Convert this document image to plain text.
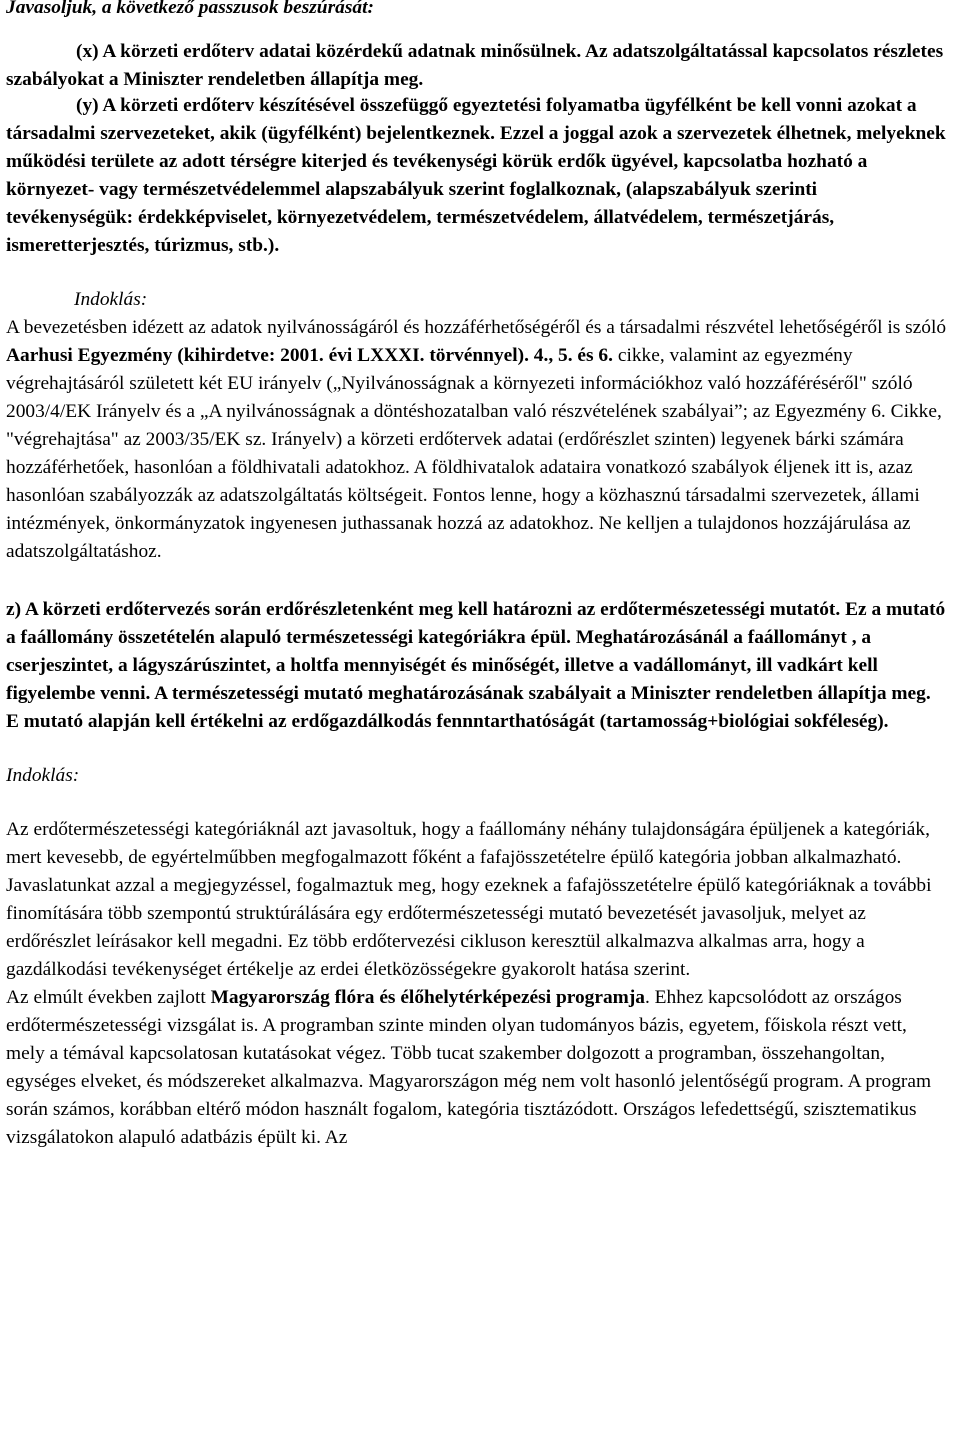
Javasoljuk, a következő passzusok beszúrását:

(x) A körzeti erdőterv adatai közérdekű adatnak minősülnek. Az adatszolgáltatással kapcsolatos részletes szabályokat a Miniszter rendeletben állapítja meg.

(y) A körzeti erdőterv készítésével összefüggő egyeztetési folyamatba ügyfélként be kell vonni azokat a társadalmi szervezeteket, akik (ügyfélként) bejelentkeznek. Ezzel a joggal azok a szervezetek élhetnek, melyeknek működési területe az adott térségre kiterjed és tevékenységi körük erdők ügyével, kapcsolatba hozható a környezet- vagy természetvédelemmel alapszabályuk szerint foglalkoznak, (alapszabályuk szerinti tevékenységük: érdekképviselet, környezetvédelem, természetvédelem, állatvédelem, természetjárás, ismeretterjesztés, túrizmus, stb.).

Indoklás:

A bevezetésben idézett az adatok nyilvánosságáról és hozzáférhetőségéről és a társadalmi részvétel lehetőségéről is szóló Aarhusi Egyezmény (kihirdetve: 2001. évi LXXXI. törvénnyel). 4., 5. és 6. cikke, valamint az egyezmény végrehajtásáról született két EU irányelv („Nyilvánosságnak a környezeti információkhoz való hozzáféréséről" szóló 2003/4/EK Irányelv és a „A nyilvánosságnak a döntéshozatalban való részvételének szabályai”; az Egyezmény 6. Cikke, "végrehajtása" az 2003/35/EK sz. Irányelv) a körzeti erdőtervek adatai (erdőrészlet szinten) legyenek bárki számára hozzáférhetőek, hasonlóan a földhivatali adatokhoz. A földhivatalok adataira vonatkozó szabályok éljenek itt is, azaz hasonlóan szabályozzák az adatszolgáltatás költségeit. Fontos lenne, hogy a közhasznú társadalmi szervezetek, állami intézmények, önkormányzatok ingyenesen juthassanak hozzá az adatokhoz. Ne kelljen a tulajdonos hozzájárulása az adatszolgáltatáshoz.

z) A körzeti erdőtervezés során erdőrészletenként meg kell határozni az erdőtermészetességi mutatót. Ez a mutató a faállomány összetételén alapuló természetességi kategóriákra épül. Meghatározásánál a faállományt , a cserjeszintet, a lágyszárúszintet, a holtfa mennyiségét és minőségét, illetve a vadállományt, ill vadkárt kell figyelembe venni. A természetességi mutató meghatározásának szabályait a Miniszter rendeletben állapítja meg. E mutató alapján kell értékelni az erdőgazdálkodás fennntarthatóságát (tartamosság+biológiai sokféleség).

Indoklás:

Az erdőtermészetességi kategóriáknál azt javasoltuk, hogy a faállomány néhány tulajdonságára épüljenek a kategóriák, mert kevesebb, de egyértelműbben megfogalmazott főként a fafajösszetételre épülő kategória jobban alkalmazható. Javaslatunkat azzal a megjegyzéssel, fogalmaztuk meg, hogy ezeknek a fafajösszetételre épülő kategóriáknak a további finomítására több szempontú struktúrálására egy erdőtermészetességi mutató bevezetését javasoljuk, melyet az erdőrészlet leírásakor kell megadni. Ez több erdőtervezési cikluson keresztül alkalmazva alkalmas arra, hogy a gazdálkodási tevékenységet értékelje az erdei életközösségekre gyakorolt hatása szerint.

Az elmúlt években zajlott Magyarország flóra és élőhelytérképezési programja. Ehhez kapcsolódott az országos erdőtermészetességi vizsgálat is. A programban szinte minden olyan tudományos bázis, egyetem, főiskola részt vett, mely a témával kapcsolatosan kutatásokat végez. Több tucat szakember dolgozott a programban, összehangoltan, egységes elveket, és módszereket alkalmazva. Magyarországon még nem volt hasonló jelentőségű program. A program során számos, korábban eltérő módon használt fogalom, kategória tisztázódott. Országos lefedettségű, szisztematikus vizsgálatokon alapuló adatbázis épült ki. Az
